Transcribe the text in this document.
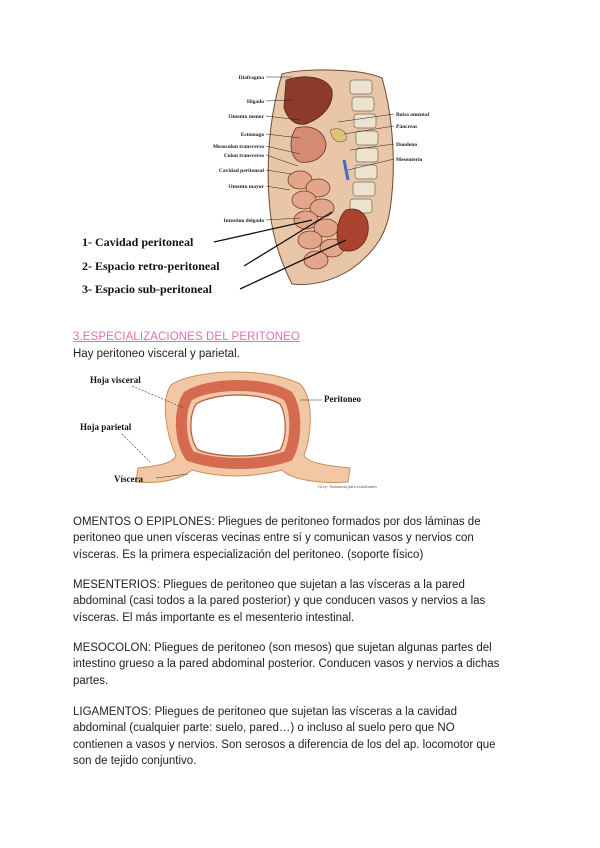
Diafragma
Hígado
Omento menor
Estómago
Mesocolon transverso
Colon transverso
Cavidad peritoneal
Omento mayor
Intestino delgado
Bolsa omental
Páncreas
Duodeno
Mesenterio
1- Cavidad peritoneal
2- Espacio retro-peritoneal
3- Espacio sub-peritoneal
3.ESPECIALIZACIONES DEL PERITONEO
Hay peritoneo visceral y parietal.
Hoja visceral
Hoja parietal
Peritoneo
Víscera
Grey: Anatomía para estudiantes
OMENTOS O EPIPLONES: Pliegues de peritoneo formados por dos láminas de
peritoneo que unen vísceras vecinas entre sí y comunican vasos y nervios con
vísceras. Es la primera especialización del peritoneo. (soporte físico)
MESENTERIOS: Pliegues de peritoneo que sujetan a las vísceras a la pared
abdominal (casi todos a la pared posterior) y que conducen vasos y nervios a las
vísceras. El más importante es el mesenterio intestinal.
MESOCOLON: Pliegues de peritoneo (son mesos) que sujetan algunas partes del
intestino grueso a la pared abdominal posterior. Conducen vasos y nervios a dichas
partes.
LIGAMENTOS: Pliegues de peritoneo que sujetan las vísceras a la cavidad
abdominal (cualquier parte: suelo, pared…) o incluso al suelo pero que NO
contienen a vasos y nervios. Son serosos a diferencia de los del ap. locomotor que
son de tejido conjuntivo.
